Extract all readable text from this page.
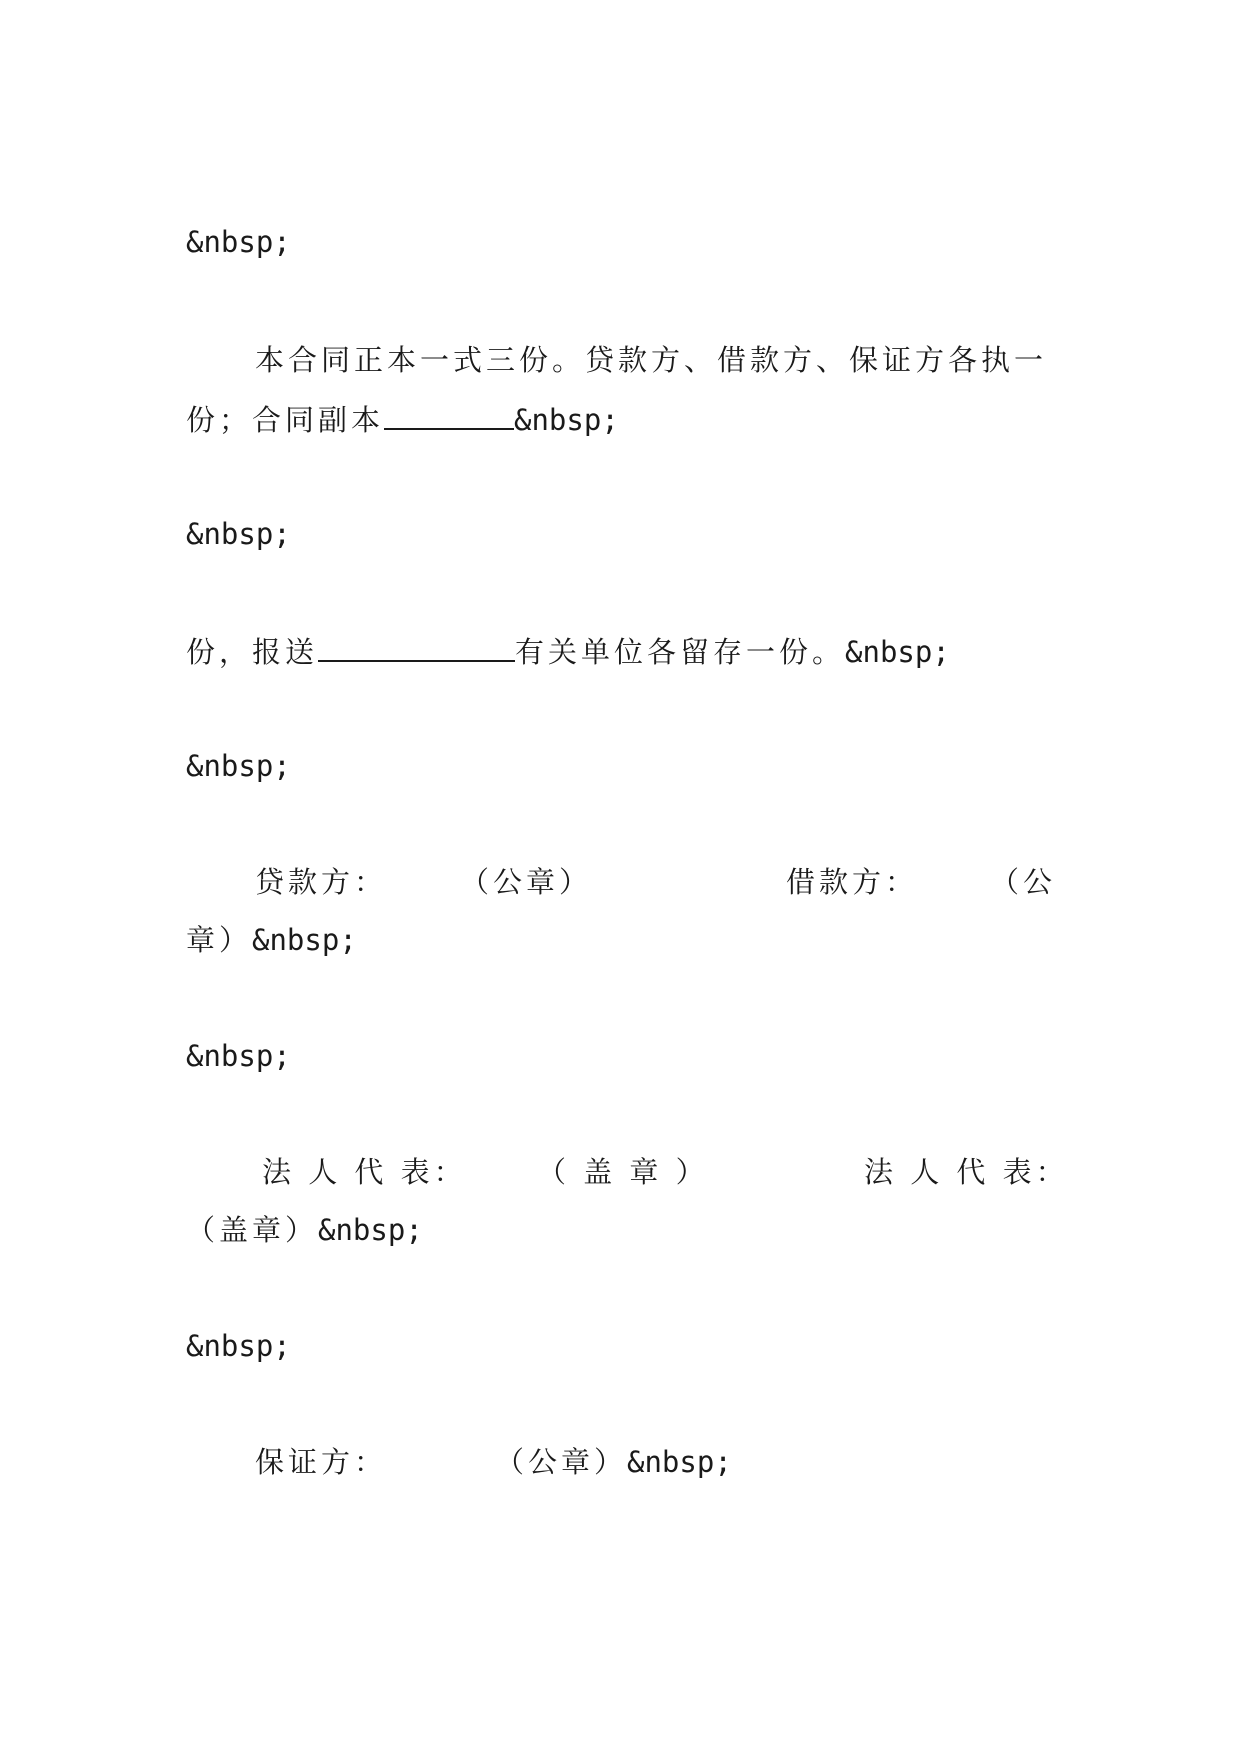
&nbsp;
本合同正本一式三份。贷款方、借款方、保证方各执一
份；合同副本	&nbsp;
&nbsp;
份，报送	有关单位各留存一份。&nbsp;
&nbsp;
贷款方：	（公章）	借款方： （公
章）&nbsp;
&nbsp;
法 人 代 表： （ 盖 章 ）	法 人 代 表：
（盖章）&nbsp;
&nbsp;
保证方：	（公章）&nbsp;
